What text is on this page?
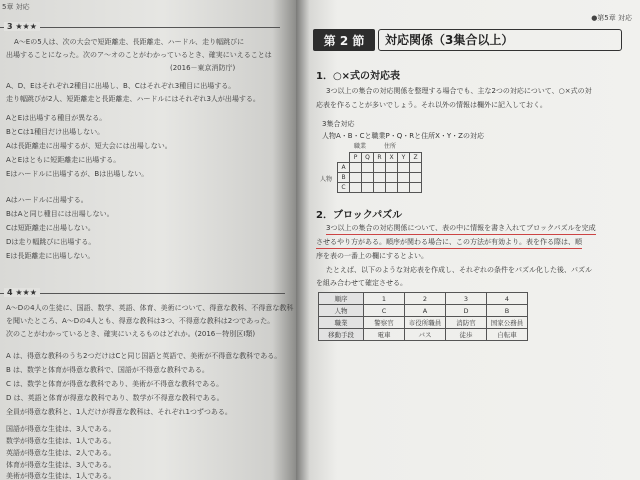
5章 対応
3 ★★★
A〜Eの5人は、次の大会で短距離走、長距離走、ハードル、走り幅跳びに
出場することになった。次のア〜オのことがわかっているとき、確実にいえることは
(2016－東京消防庁)
A、D、Eはそれぞれ2種目に出場し、B、Cはそれぞれ3種目に出場する。
走り幅跳びが2人、短距離走と長距離走、ハードルにはそれぞれ3人が出場する。
AとEは出場する種目が異なる。
BとCは1種目だけ出場しない。
Aは長距離走に出場するが、短大会には出場しない。
AとEはともに短距離走に出場する。
Eはハードルに出場するが、Bは出場しない。
Aはハードルに出場する。
BはAと同じ種目には出場しない。
Cは短距離走に出場しない。
Dは走り幅跳びに出場する。
Eは長距離走に出場しない。
4 ★★★
A〜Dの4人の生徒に、国語、数学、英語、体育、美術について、得意な教科、不得意な教科
を聞いたところ、A〜Dの4人とも、得意な教科は3つ、不得意な教科は2つであった。
次のことがわかっているとき、確実にいえるものはどれか。(2016－特別区I類)
A は、得意な教科のうち2つだけはCと同じ国語と英語で、美術が不得意な教科である。
B は、数学と体育が得意な教科で、国語が不得意な教科である。
C は、数学と体育が得意な教科であり、美術が不得意な教科である。
D は、英語と体育が得意な教科であり、数学が不得意な教科である。
全員が得意な教科と、1人だけが得意な教科は、それぞれ1つずつある。
国語が得意な生徒は、3人である。
数学が得意な生徒は、1人である。
英語が得意な生徒は、2人である。
体育が得意な生徒は、3人である。
美術が得意な生徒は、1人である。
●第5章 対応
第 2 節	対応関係（3集合以上）
1．○×式の対応表
3つ以上の集合の対応関係を整理する場合でも、主な2つの対応について、○×式の対
応表を作ることが多いでしょう。それ以外の情報は欄外に記入しておく。
3集合対応
人物A・B・Cと職業P・Q・Rと住所X・Y・Zの対応
職業	住所
人物
	P	Q	R	X	Y	Z
A						
B						
C						
2．ブロックパズル
3つ以上の集合の対応関係について、表の中に情報を書き入れてブロックパズルを完成
させるやり方がある。順序が関わる場合に、この方法が有効より。表を作る際は、順
序を表の一番上の欄にするとよい。
たとえば、以下のような対応表を作成し、それぞれの条件をパズル化した後、パズル
を組み合わせて確定させる。
順序	1	2	3	4
人物	C	A	D	B
職業	警察官	市役所職員	消防官	国家公務員
移動手段	電車	バス	徒歩	自転車
